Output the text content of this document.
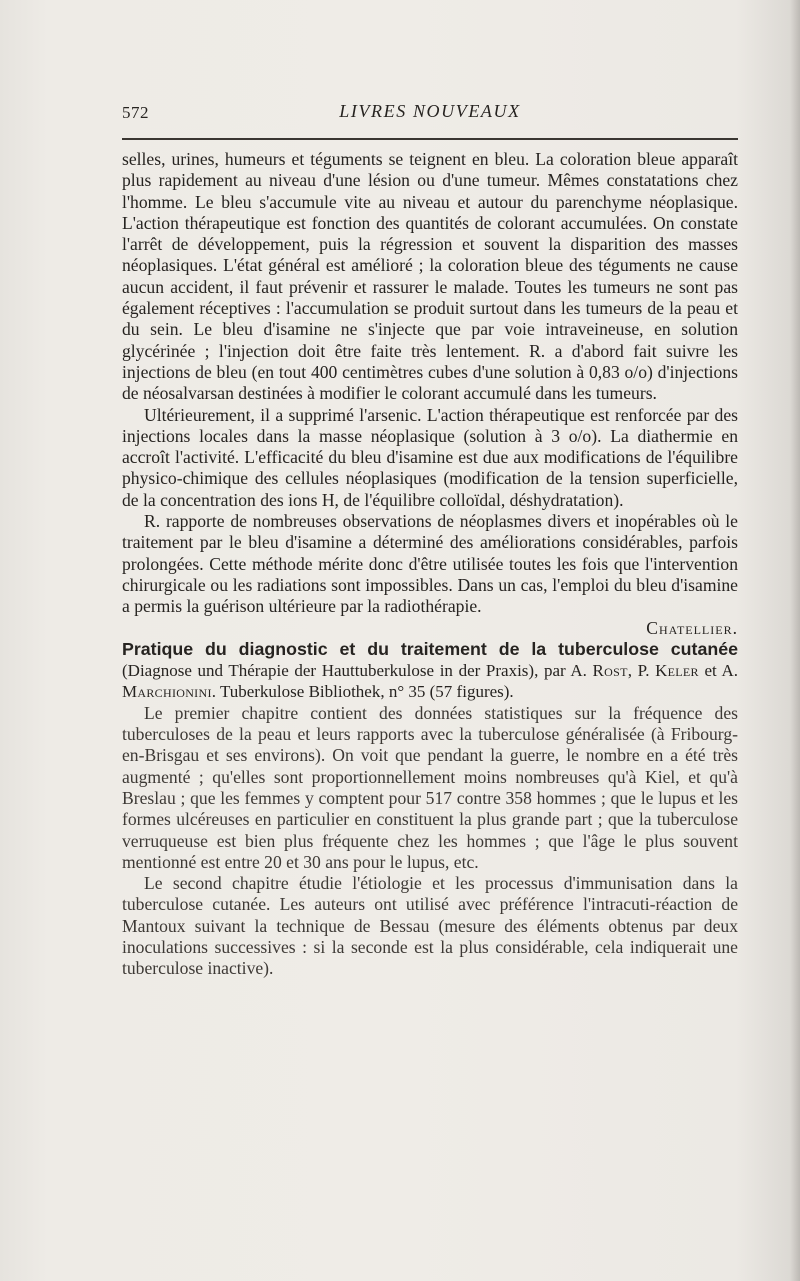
572	LIVRES NOUVEAUX

selles, urines, humeurs et téguments se teignent en bleu. La coloration bleue apparaît plus rapidement au niveau d'une lésion ou d'une tumeur. Mêmes constatations chez l'homme. Le bleu s'accumule vite au niveau et autour du parenchyme néoplasique. L'action thérapeutique est fonction des quantités de colorant accumulées. On constate l'arrêt de développement, puis la régression et souvent la disparition des masses néoplasiques. L'état général est amélioré ; la coloration bleue des téguments ne cause aucun accident, il faut prévenir et rassurer le malade. Toutes les tumeurs ne sont pas également réceptives : l'accumulation se produit surtout dans les tumeurs de la peau et du sein. Le bleu d'isamine ne s'injecte que par voie intraveineuse, en solution glycérinée ; l'injection doit être faite très lentement. R. a d'abord fait suivre les injections de bleu (en tout 400 centimètres cubes d'une solution à 0,83 o/o) d'injections de néosalvarsan destinées à modifier le colorant accumulé dans les tumeurs.

Ultérieurement, il a supprimé l'arsenic. L'action thérapeutique est renforcée par des injections locales dans la masse néoplasique (solution à 3 o/o). La diathermie en accroît l'activité. L'efficacité du bleu d'isamine est due aux modifications de l'équilibre physico-chimique des cellules néoplasiques (modification de la tension superficielle, de la concentration des ions H, de l'équilibre colloïdal, déshydratation).

R. rapporte de nombreuses observations de néoplasmes divers et inopérables où le traitement par le bleu d'isamine a déterminé des améliorations considérables, parfois prolongées. Cette méthode mérite donc d'être utilisée toutes les fois que l'intervention chirurgicale ou les radiations sont impossibles. Dans un cas, l'emploi du bleu d'isamine a permis la guérison ultérieure par la radiothérapie.

Chatellier.

Pratique du diagnostic et du traitement de la tuberculose cutanée (Diagnose und Thérapie der Hauttuberkulose in der Praxis), par A. Rost, P. Keler et A. Marchionini. Tuberkulose Bibliothek, n° 35 (57 figures).

Le premier chapitre contient des données statistiques sur la fréquence des tuberculoses de la peau et leurs rapports avec la tuberculose généralisée (à Fribourg-en-Brisgau et ses environs). On voit que pendant la guerre, le nombre en a été très augmenté ; qu'elles sont proportionnellement moins nombreuses qu'à Kiel, et qu'à Breslau ; que les femmes y comptent pour 517 contre 358 hommes ; que le lupus et les formes ulcéreuses en particulier en constituent la plus grande part ; que la tuberculose verruqueuse est bien plus fréquente chez les hommes ; que l'âge le plus souvent mentionné est entre 20 et 30 ans pour le lupus, etc.

Le second chapitre étudie l'étiologie et les processus d'immunisation dans la tuberculose cutanée. Les auteurs ont utilisé avec préférence l'intracuti-réaction de Mantoux suivant la technique de Bessau (mesure des éléments obtenus par deux inoculations successives : si la seconde est la plus considérable, cela indiquerait une tuberculose inactive).
